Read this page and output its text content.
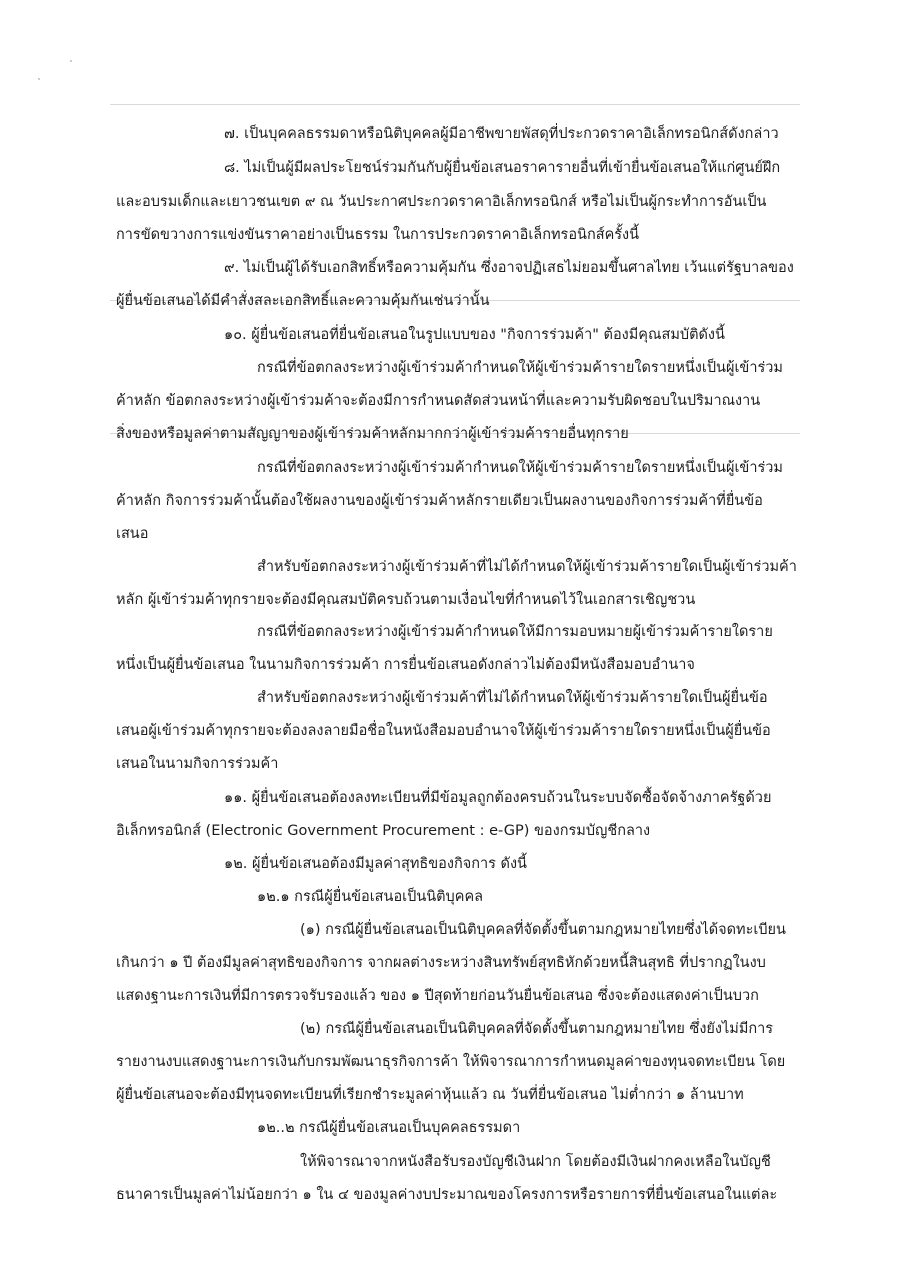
๗. เป็นบุคคลธรรมดาหรือนิติบุคคลผู้มีอาชีพขายพัสดุที่ประกวดราคาอิเล็กทรอนิกส์ดังกล่าว
๘. ไม่เป็นผู้มีผลประโยชน์ร่วมกันกับผู้ยื่นข้อเสนอราคารายอื่นที่เข้ายื่นข้อเสนอให้แก่ศูนย์ฝึก
และอบรมเด็กและเยาวชนเขต ๙ ณ วันประกาศประกวดราคาอิเล็กทรอนิกส์ หรือไม่เป็นผู้กระทำการอันเป็น
การขัดขวางการแข่งขันราคาอย่างเป็นธรรม ในการประกวดราคาอิเล็กทรอนิกส์ครั้งนี้
๙. ไม่เป็นผู้ได้รับเอกสิทธิ์หรือความคุ้มกัน ซึ่งอาจปฏิเสธไม่ยอมขึ้นศาลไทย เว้นแต่รัฐบาลของ
ผู้ยื่นข้อเสนอได้มีคำสั่งสละเอกสิทธิ์และความคุ้มกันเช่นว่านั้น
๑๐. ผู้ยื่นข้อเสนอที่ยื่นข้อเสนอในรูปแบบของ "กิจการร่วมค้า" ต้องมีคุณสมบัติดังนี้
กรณีที่ข้อตกลงระหว่างผู้เข้าร่วมค้ากำหนดให้ผู้เข้าร่วมค้ารายใดรายหนึ่งเป็นผู้เข้าร่วม
ค้าหลัก ข้อตกลงระหว่างผู้เข้าร่วมค้าจะต้องมีการกำหนดสัดส่วนหน้าที่และความรับผิดชอบในปริมาณงาน
สิ่งของหรือมูลค่าตามสัญญาของผู้เข้าร่วมค้าหลักมากกว่าผู้เข้าร่วมค้ารายอื่นทุกราย
กรณีที่ข้อตกลงระหว่างผู้เข้าร่วมค้ากำหนดให้ผู้เข้าร่วมค้ารายใดรายหนึ่งเป็นผู้เข้าร่วม
ค้าหลัก กิจการร่วมค้านั้นต้องใช้ผลงานของผู้เข้าร่วมค้าหลักรายเดียวเป็นผลงานของกิจการร่วมค้าที่ยื่นข้อ
เสนอ
สำหรับข้อตกลงระหว่างผู้เข้าร่วมค้าที่ไม่ได้กำหนดให้ผู้เข้าร่วมค้ารายใดเป็นผู้เข้าร่วมค้า
หลัก ผู้เข้าร่วมค้าทุกรายจะต้องมีคุณสมบัติครบถ้วนตามเงื่อนไขที่กำหนดไว้ในเอกสารเชิญชวน
กรณีที่ข้อตกลงระหว่างผู้เข้าร่วมค้ากำหนดให้มีการมอบหมายผู้เข้าร่วมค้ารายใดราย
หนึ่งเป็นผู้ยื่นข้อเสนอ ในนามกิจการร่วมค้า การยื่นข้อเสนอดังกล่าวไม่ต้องมีหนังสือมอบอำนาจ
สำหรับข้อตกลงระหว่างผู้เข้าร่วมค้าที่ไม่ได้กำหนดให้ผู้เข้าร่วมค้ารายใดเป็นผู้ยื่นข้อ
เสนอผู้เข้าร่วมค้าทุกรายจะต้องลงลายมือชื่อในหนังสือมอบอำนาจให้ผู้เข้าร่วมค้ารายใดรายหนึ่งเป็นผู้ยื่นข้อ
เสนอในนามกิจการร่วมค้า
๑๑. ผู้ยื่นข้อเสนอต้องลงทะเบียนที่มีข้อมูลถูกต้องครบถ้วนในระบบจัดซื้อจัดจ้างภาครัฐด้วย
อิเล็กทรอนิกส์ (Electronic Government Procurement : e-GP) ของกรมบัญชีกลาง
๑๒. ผู้ยื่นข้อเสนอต้องมีมูลค่าสุทธิของกิจการ ดังนี้
๑๒.๑ กรณีผู้ยื่นข้อเสนอเป็นนิติบุคคล
(๑) กรณีผู้ยื่นข้อเสนอเป็นนิติบุคคลที่จัดตั้งขึ้นตามกฎหมายไทยซึ่งได้จดทะเบียน
เกินกว่า ๑ ปี ต้องมีมูลค่าสุทธิของกิจการ จากผลต่างระหว่างสินทรัพย์สุทธิหักด้วยหนี้สินสุทธิ ที่ปรากฏในงบ
แสดงฐานะการเงินที่มีการตรวจรับรองแล้ว ของ ๑ ปีสุดท้ายก่อนวันยื่นข้อเสนอ ซึ่งจะต้องแสดงค่าเป็นบวก
(๒) กรณีผู้ยื่นข้อเสนอเป็นนิติบุคคลที่จัดตั้งขึ้นตามกฎหมายไทย ซึ่งยังไม่มีการ
รายงานงบแสดงฐานะการเงินกับกรมพัฒนาธุรกิจการค้า ให้พิจารณาการกำหนดมูลค่าของทุนจดทะเบียน โดย
ผู้ยื่นข้อเสนอจะต้องมีทุนจดทะเบียนที่เรียกชำระมูลค่าหุ้นแล้ว ณ วันที่ยื่นข้อเสนอ ไม่ต่ำกว่า ๑ ล้านบาท
๑๒..๒ กรณีผู้ยื่นข้อเสนอเป็นบุคคลธรรมดา
ให้พิจารณาจากหนังสือรับรองบัญชีเงินฝาก โดยต้องมีเงินฝากคงเหลือในบัญชี
ธนาคารเป็นมูลค่าไม่น้อยกว่า ๑ ใน ๔ ของมูลค่างบประมาณของโครงการหรือรายการที่ยื่นข้อเสนอในแต่ละ
